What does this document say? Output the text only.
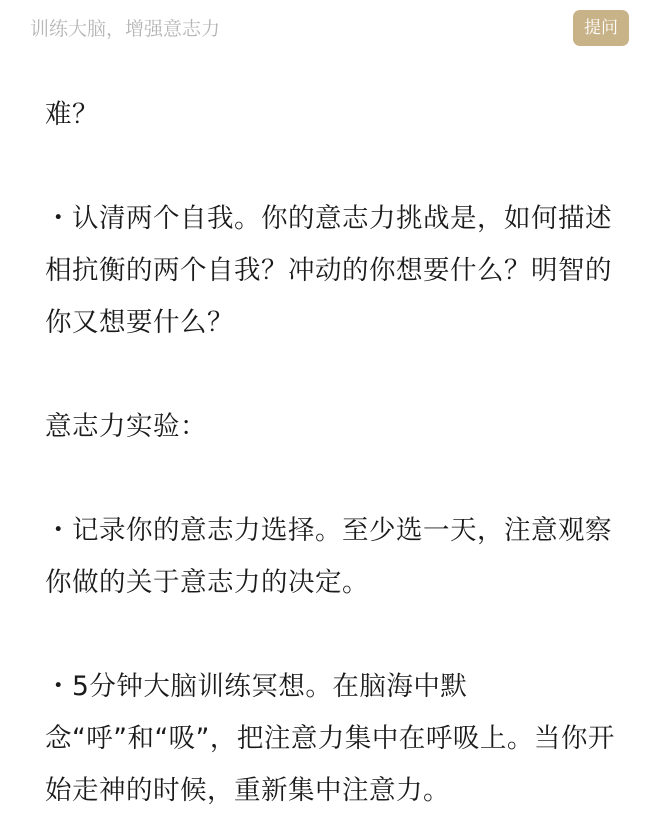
训练大脑，增强意志力	提问

难？

・认清两个自我。你的意志力挑战是，如何描述相抗衡的两个自我？冲动的你想要什么？明智的你又想要什么？

意志力实验：

・记录你的意志力选择。至少选一天，注意观察你做的关于意志力的决定。

・5分钟大脑训练冥想。在脑海中默念“呼”和“吸”，把注意力集中在呼吸上。当你开始走神的时候，重新集中注意力。
